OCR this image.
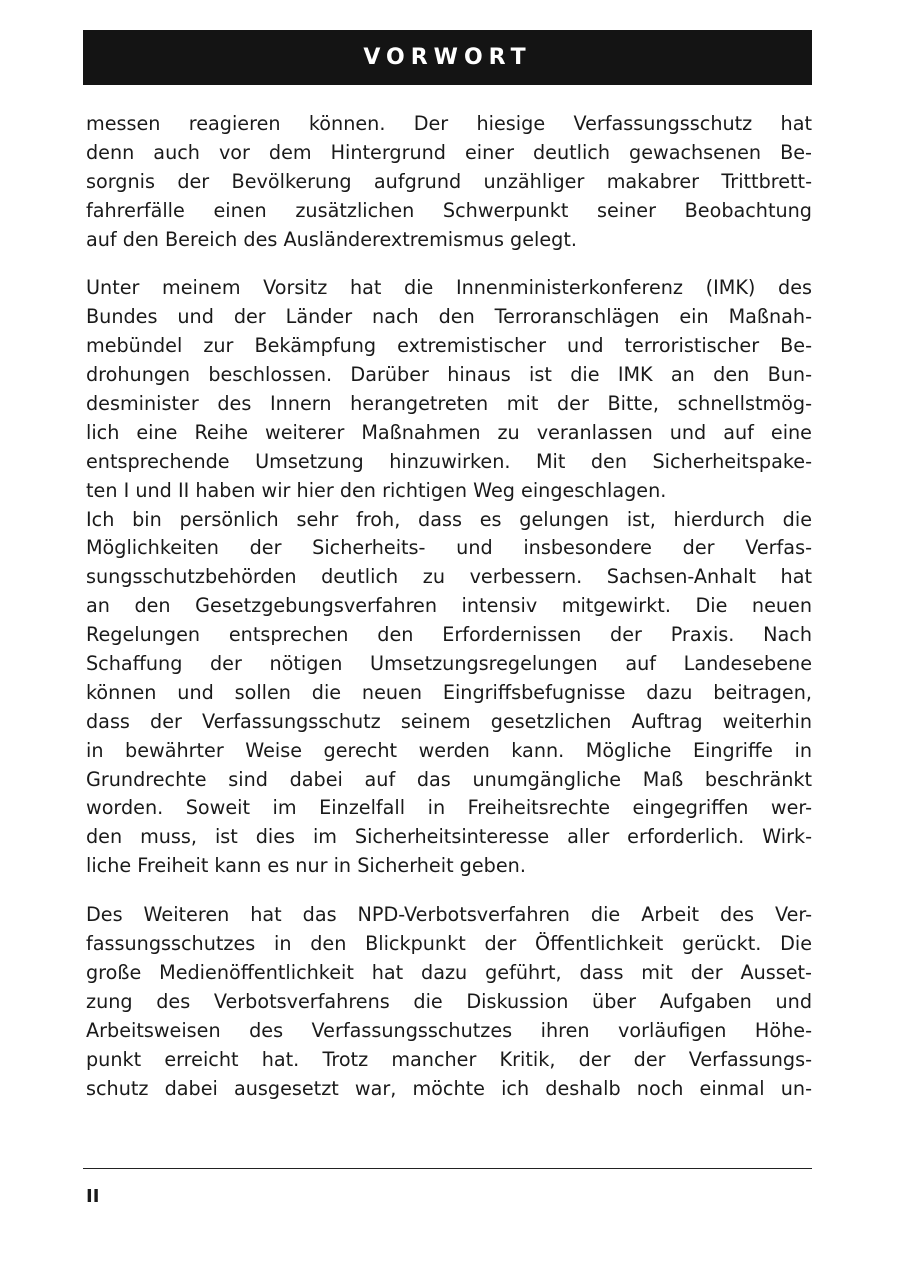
VORWORT
messen reagieren können. Der hiesige Verfassungsschutz hat
denn auch vor dem Hintergrund einer deutlich gewachsenen Be-
sorgnis der Bevölkerung aufgrund unzähliger makabrer Trittbrett-
fahrerfälle einen zusätzlichen Schwerpunkt seiner Beobachtung
auf den Bereich des Ausländerextremismus gelegt.
Unter meinem Vorsitz hat die Innenministerkonferenz (IMK) des
Bundes und der Länder nach den Terroranschlägen ein Maßnah-
mebündel zur Bekämpfung extremistischer und terroristischer Be-
drohungen beschlossen. Darüber hinaus ist die IMK an den Bun-
desminister des Innern herangetreten mit der Bitte, schnellstmög-
lich eine Reihe weiterer Maßnahmen zu veranlassen und auf eine
entsprechende Umsetzung hinzuwirken. Mit den Sicherheitspake-
ten I und II haben wir hier den richtigen Weg eingeschlagen.
Ich bin persönlich sehr froh, dass es gelungen ist, hierdurch die
Möglichkeiten der Sicherheits- und insbesondere der Verfas-
sungsschutzbehörden deutlich zu verbessern. Sachsen-Anhalt hat
an den Gesetzgebungsverfahren intensiv mitgewirkt. Die neuen
Regelungen entsprechen den Erfordernissen der Praxis. Nach
Schaffung der nötigen Umsetzungsregelungen auf Landesebene
können und sollen die neuen Eingriffsbefugnisse dazu beitragen,
dass der Verfassungsschutz seinem gesetzlichen Auftrag weiterhin
in bewährter Weise gerecht werden kann. Mögliche Eingriffe in
Grundrechte sind dabei auf das unumgängliche Maß beschränkt
worden. Soweit im Einzelfall in Freiheitsrechte eingegriffen wer-
den muss, ist dies im Sicherheitsinteresse aller erforderlich. Wirk-
liche Freiheit kann es nur in Sicherheit geben.
Des Weiteren hat das NPD-Verbotsverfahren die Arbeit des Ver-
fassungsschutzes in den Blickpunkt der Öffentlichkeit gerückt. Die
große Medienöffentlichkeit hat dazu geführt, dass mit der Ausset-
zung des Verbotsverfahrens die Diskussion über Aufgaben und
Arbeitsweisen des Verfassungsschutzes ihren vorläufigen Höhe-
punkt erreicht hat. Trotz mancher Kritik, der der Verfassungs-
schutz dabei ausgesetzt war, möchte ich deshalb noch einmal un-
II
